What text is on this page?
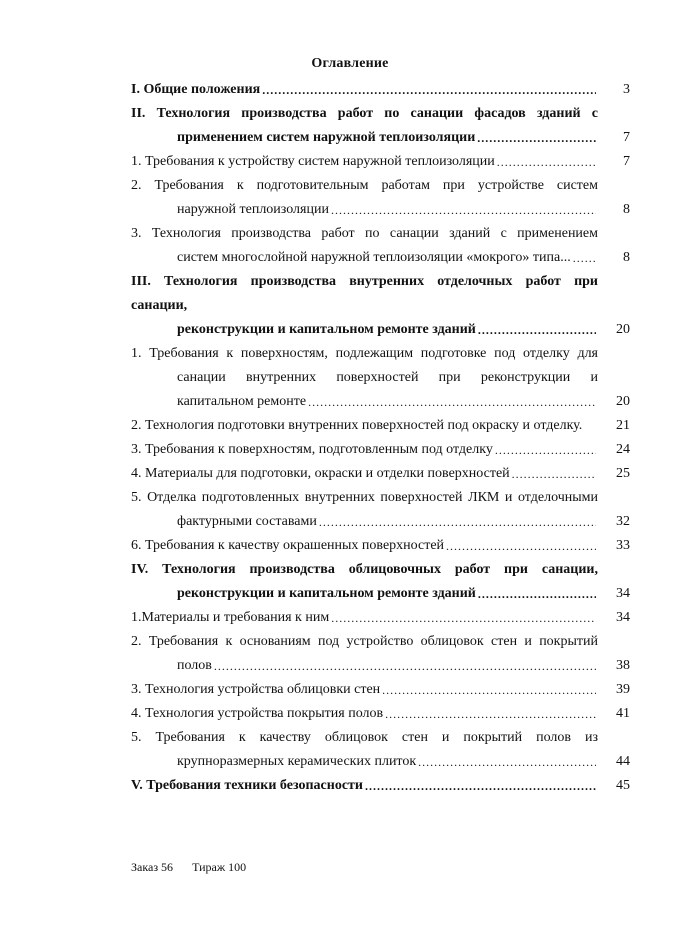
Оглавление
I. Общие положения .....	3
II. Технология производства работ по санации фасадов зданий с
применением систем наружной теплоизоляции .....	7
1. Требования к устройству систем наружной теплоизоляции .....	7
2. Требования к подготовительным работам при устройстве систем
наружной теплоизоляции .....	8
3. Технология производства работ по санации зданий с применением
систем многослойной наружной теплоизоляции «мокрого» типа... .....	8
III. Технология производства внутренних отделочных работ при санации,
реконструкции и капитальном ремонте зданий .....	20
1. Требования к поверхностям, подлежащим подготовке под отделку для
санации внутренних поверхностей при реконструкции и
капитальном ремонте .....	20
2. Технология подготовки внутренних поверхностей под окраску и отделку.	21
3. Требования к поверхностям, подготовленным под отделку .....	24
4. Материалы для подготовки, окраски и отделки поверхностей .....	25
5. Отделка подготовленных внутренних поверхностей ЛКМ и отделочными
фактурными составами .....	32
6. Требования к качеству окрашенных поверхностей .....	33
IV. Технология производства облицовочных работ при санации,
реконструкции и капитальном ремонте зданий .....	34
1.Материалы и требования к ним .....	34
2. Требования к основаниям под устройство облицовок стен и покрытий
полов .....	38
3. Технология устройства облицовки стен .....	39
4. Технология устройства покрытия полов .....	41
5. Требования к качеству облицовок стен и покрытий полов из
крупноразмерных керамических плиток .....	44
V. Требования техники безопасности .....	45
Заказ 56 Тираж 100
